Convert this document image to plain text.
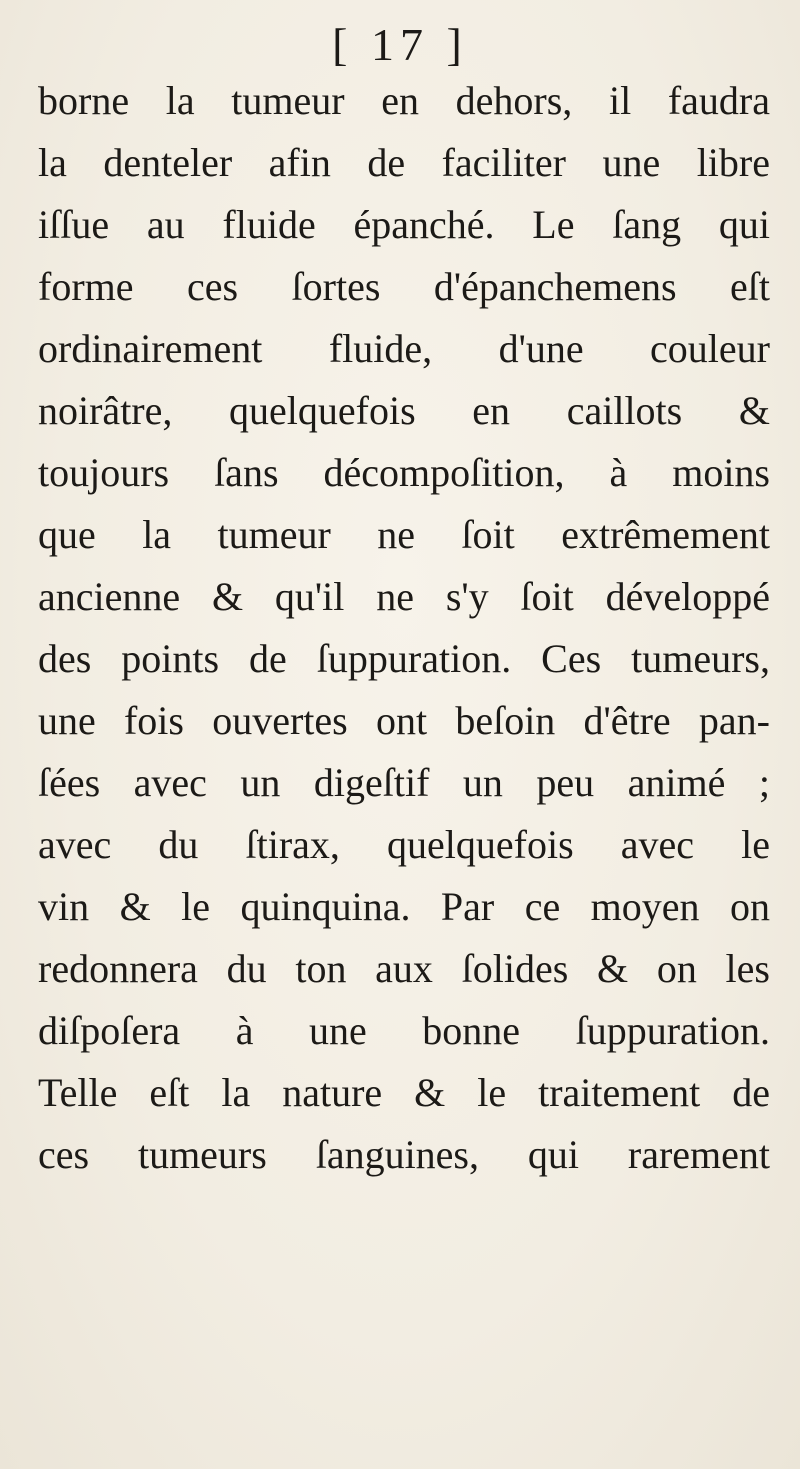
[ 17 ]
borne la tumeur en dehors, il faudra
la denteler afin de faciliter une libre
iſſue au fluide épanché. Le ſang qui
forme ces ſortes d'épanchemens eſt
ordinairement fluide, d'une couleur
noirâtre, quelquefois en caillots &
toujours ſans décompoſition, à moins
que la tumeur ne ſoit extrêmement
ancienne & qu'il ne s'y ſoit développé
des points de ſuppuration. Ces tumeurs,
une fois ouvertes ont beſoin d'être pan-
ſées avec un digeſtif un peu animé ;
avec du ſtirax, quelquefois avec le
vin & le quinquina. Par ce moyen on
redonnera du ton aux ſolides & on les
diſpoſera à une bonne ſuppuration.
Telle eſt la nature & le traitement de
ces tumeurs ſanguines, qui rarement
